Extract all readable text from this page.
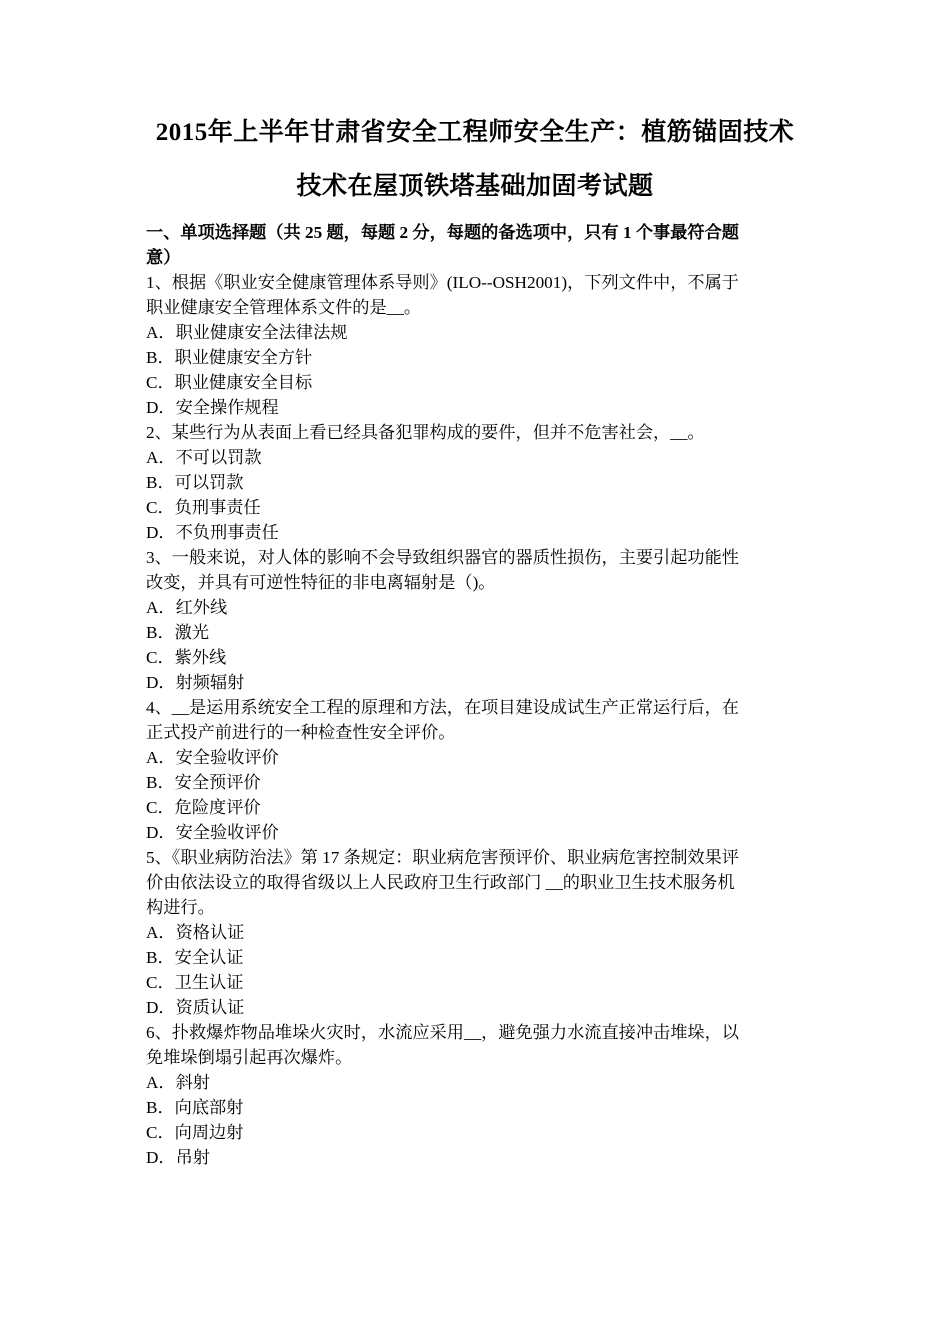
2015年上半年甘肃省安全工程师安全生产：植筋锚固技术
技术在屋顶铁塔基础加固考试题
一、单项选择题（共 25 题，每题 2 分，每题的备选项中，只有 1 个事最符合题
意）
1、根据《职业安全健康管理体系导则》(ILO--OSH2001)，下列文件中，不属于
职业健康安全管理体系文件的是__。
A．职业健康安全法律法规
B．职业健康安全方针
C．职业健康安全目标
D．安全操作规程
2、某些行为从表面上看已经具备犯罪构成的要件，但并不危害社会，__。
A．不可以罚款
B．可以罚款
C．负刑事责任
D．不负刑事责任
3、一般来说，对人体的影响不会导致组织器官的器质性损伤，主要引起功能性
改变，并具有可逆性特征的非电离辐射是（)。
A．红外线
B．激光
C．紫外线
D．射频辐射
4、__是运用系统安全工程的原理和方法，在项目建设成试生产正常运行后，在
正式投产前进行的一种检查性安全评价。
A．安全验收评价
B．安全预评价
C．危险度评价
D．安全验收评价
5、《职业病防治法》第 17 条规定：职业病危害预评价、职业病危害控制效果评
价由依法设立的取得省级以上人民政府卫生行政部门 __的职业卫生技术服务机
构进行。
A．资格认证
B．安全认证
C．卫生认证
D．资质认证
6、扑救爆炸物品堆垛火灾时，水流应采用__，避免强力水流直接冲击堆垛，以
免堆垛倒塌引起再次爆炸。
A．斜射
B．向底部射
C．向周边射
D．吊射
